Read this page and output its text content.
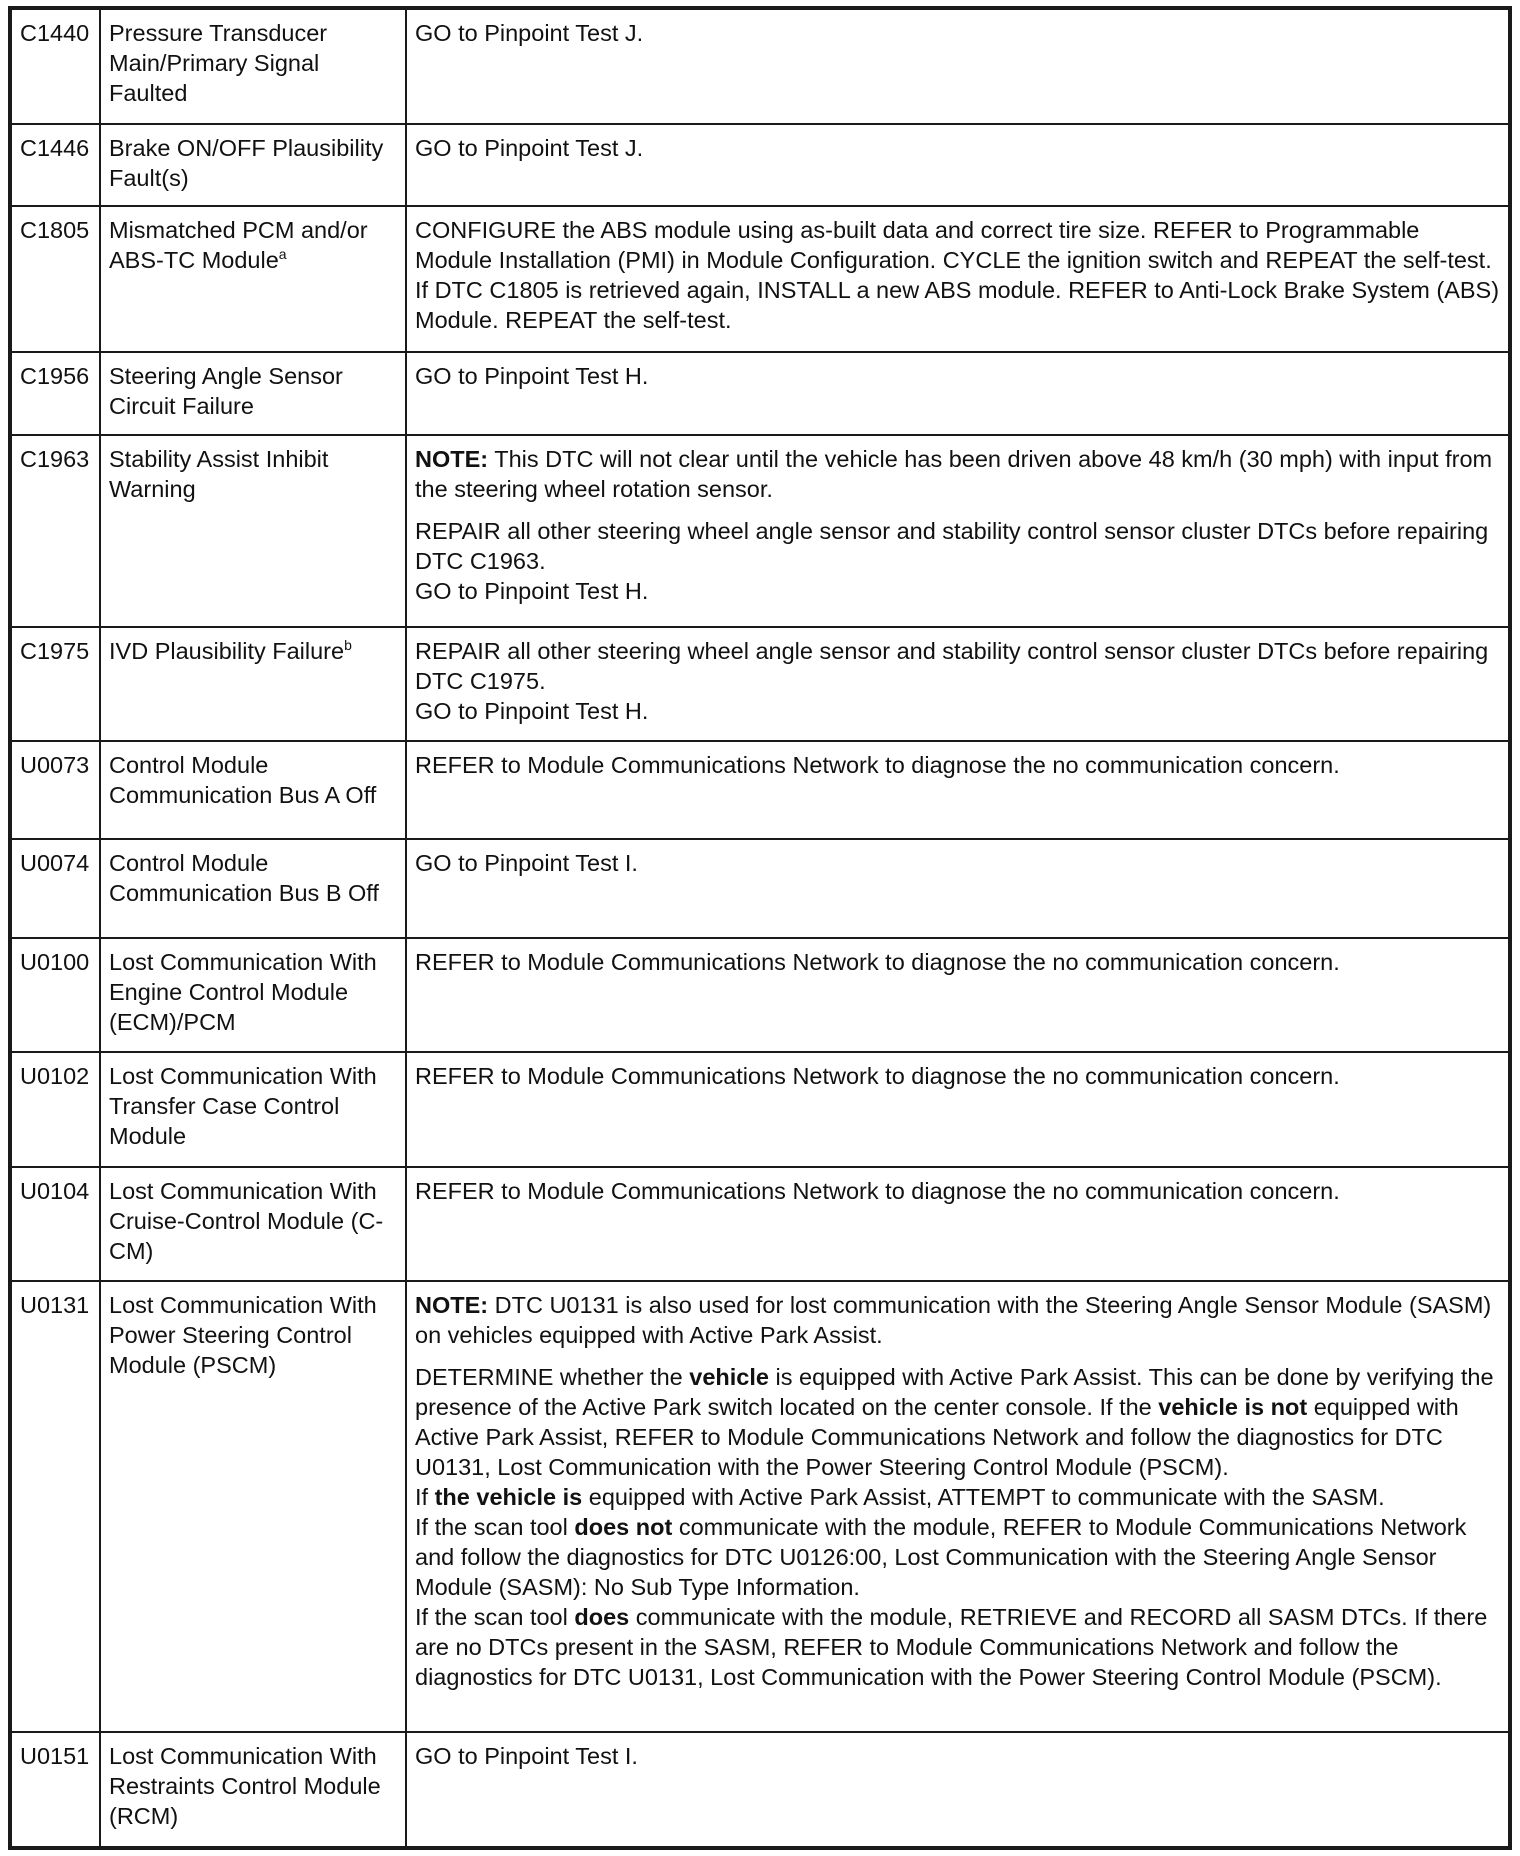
C1440	Pressure Transducer Main/Primary Signal Faulted	GO to Pinpoint Test J.
C1446	Brake ON/OFF Plausibility Fault(s)	GO to Pinpoint Test J.
C1805	Mismatched PCM and/or ABS-TC Module$^a$	CONFIGURE the ABS module using as-built data and correct tire size. REFER to Programmable Module Installation (PMI) in Module Configuration. CYCLE the ignition switch and REPEAT the self-test. If DTC C1805 is retrieved again, INSTALL a new ABS module. REFER to Anti-Lock Brake System (ABS) Module. REPEAT the self-test.
C1956	Steering Angle Sensor Circuit Failure	GO to Pinpoint Test H.
C1963	Stability Assist Inhibit Warning	NOTE: This DTC will not clear until the vehicle has been driven above 48 km/h (30 mph) with input from the steering wheel rotation sensor.

REPAIR all other steering wheel angle sensor and stability control sensor cluster DTCs before repairing DTC C1963.

GO to Pinpoint Test H.

C1975	IVD Plausibility Failure$^b$	REPAIR all other steering wheel angle sensor and stability control sensor cluster DTCs before repairing DTC C1975.

GO to Pinpoint Test H.

U0073	Control Module Communication Bus A Off	REFER to Module Communications Network to diagnose the no communication concern.
U0074	Control Module Communication Bus B Off	GO to Pinpoint Test I.
U0100	Lost Communication With Engine Control Module (ECM)/PCM	REFER to Module Communications Network to diagnose the no communication concern.
U0102	Lost Communication With Transfer Case Control Module	REFER to Module Communications Network to diagnose the no communication concern.
U0104	Lost Communication With Cruise-Control Module (C-CM)	REFER to Module Communications Network to diagnose the no communication concern.
U0131	Lost Communication With Power Steering Control Module (PSCM)	NOTE: DTC U0131 is also used for lost communication with the Steering Angle Sensor Module (SASM) on vehicles equipped with Active Park Assist.

DETERMINE whether the vehicle is equipped with Active Park Assist. This can be done by verifying the presence of the Active Park switch located on the center console. If the vehicle is not equipped with Active Park Assist, REFER to Module Communications Network and follow the diagnostics for DTC U0131, Lost Communication with the Power Steering Control Module (PSCM).

If the vehicle is equipped with Active Park Assist, ATTEMPT to communicate with the SASM.

If the scan tool does not communicate with the module, REFER to Module Communications Network and follow the diagnostics for DTC U0126:00, Lost Communication with the Steering Angle Sensor Module (SASM): No Sub Type Information.

If the scan tool does communicate with the module, RETRIEVE and RECORD all SASM DTCs. If there are no DTCs present in the SASM, REFER to Module Communications Network and follow the diagnostics for DTC U0131, Lost Communication with the Power Steering Control Module (PSCM).

U0151	Lost Communication With Restraints Control Module (RCM)	GO to Pinpoint Test I.
